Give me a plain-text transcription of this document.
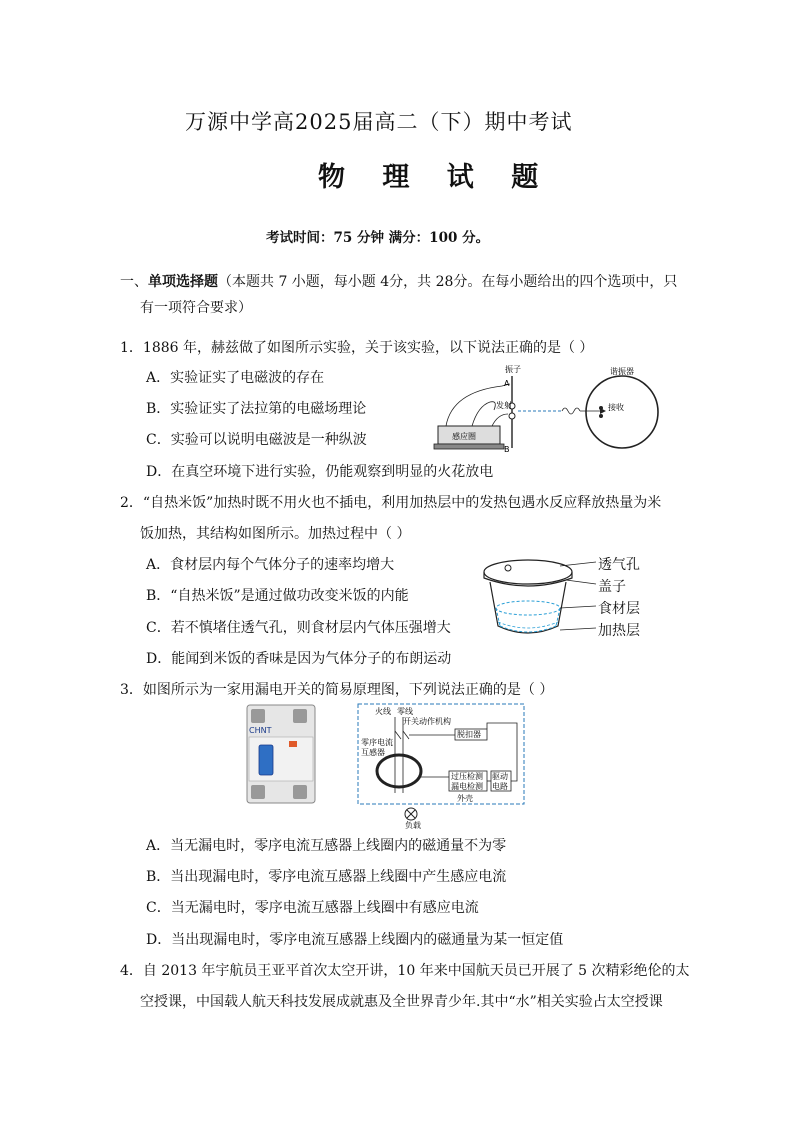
万源中学高2025届高二（下）期中考试
物 理 试 题
考试时间：75 分钟 满分：100 分。
一、单项选择题（本题共 7 小题，每小题 4分，共 28分。在每小题给出的四个选项中，只
有一项符合要求）
1．1886 年，赫兹做了如图所示实验，关于该实验，以下说法正确的是（ ）
A．实验证实了电磁波的存在
B．实验证实了法拉第的电磁场理论
C．实验可以说明电磁波是一种纵波
D．在真空环境下进行实验，仍能观察到明显的火花放电
感应圈
振子
A
B
发射
谐振器
接收
2．“自热米饭”加热时既不用火也不插电，利用加热层中的发热包遇水反应释放热量为米
饭加热，其结构如图所示。加热过程中（ ）
A．食材层内每个气体分子的速率均增大
B．“自热米饭”是通过做功改变米饭的内能
C．若不慎堵住透气孔，则食材层内气体压强增大
D．能闻到米饭的香味是因为气体分子的布朗运动
透气孔
盖子
食材层
加热层
3．如图所示为一家用漏电开关的简易原理图，下列说法正确的是（ ）
CHNT
火线 零线
开关动作机构
脱扣器
零序电流
互感器
过压检测
漏电检测
驱动
电路
外壳
负载
A．当无漏电时，零序电流互感器上线圈内的磁通量不为零
B．当出现漏电时，零序电流互感器上线圈中产生感应电流
C．当无漏电时，零序电流互感器上线圈中有感应电流
D．当出现漏电时，零序电流互感器上线圈内的磁通量为某一恒定值
4．自 2013 年宇航员王亚平首次太空开讲，10 年来中国航天员已开展了 5 次精彩绝伦的太
空授课，中国载人航天科技发展成就惠及全世界青少年.其中“水”相关实验占太空授课
